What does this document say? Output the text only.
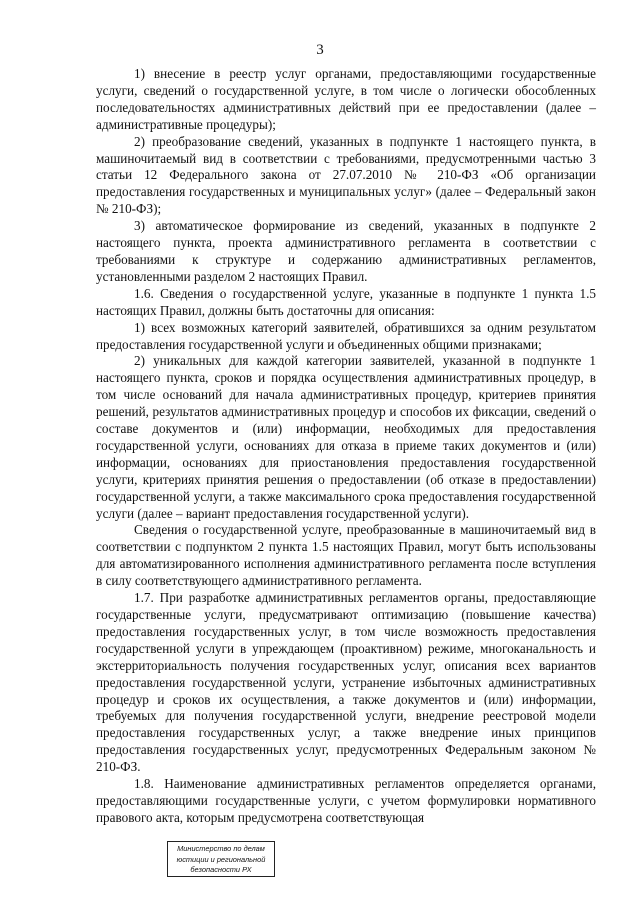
3

1) внесение в реестр услуг органами, предоставляющими государственные услуги, сведений о государственной услуге, в том числе о логически обособленных последовательностях административных действий при ее предоставлении (далее – административные процедуры);

2) преобразование сведений, указанных в подпункте 1 настоящего пункта, в машиночитаемый вид в соответствии с требованиями, предусмотренными частью 3 статьи 12 Федерального закона от 27.07.2010 № 210-ФЗ «Об организации предоставления государственных и муниципальных услуг» (далее – Федеральный закон № 210-ФЗ);

3) автоматическое формирование из сведений, указанных в подпункте 2 настоящего пункта, проекта административного регламента в соответствии с требованиями к структуре и содержанию административных регламентов, установленными разделом 2 настоящих Правил.

1.6. Сведения о государственной услуге, указанные в подпункте 1 пункта 1.5 настоящих Правил, должны быть достаточны для описания:

1) всех возможных категорий заявителей, обратившихся за одним результатом предоставления государственной услуги и объединенных общими признаками;

2) уникальных для каждой категории заявителей, указанной в подпункте 1 настоящего пункта, сроков и порядка осуществления административных процедур, в том числе оснований для начала административных процедур, критериев принятия решений, результатов административных процедур и способов их фиксации, сведений о составе документов и (или) информации, необходимых для предоставления государственной услуги, основаниях для отказа в приеме таких документов и (или) информации, основаниях для приостановления предоставления государственной услуги, критериях принятия решения о предоставлении (об отказе в предоставлении) государственной услуги, а также максимального срока предоставления государственной услуги (далее – вариант предоставления государственной услуги).

Сведения о государственной услуге, преобразованные в машиночитаемый вид в соответствии с подпунктом 2 пункта 1.5 настоящих Правил, могут быть использованы для автоматизированного исполнения административного регламента после вступления в силу соответствующего административного регламента.

1.7. При разработке административных регламентов органы, предоставляющие государственные услуги, предусматривают оптимизацию (повышение качества) предоставления государственных услуг, в том числе возможность предоставления государственной услуги в упреждающем (проактивном) режиме, многоканальность и экстерриториальность получения государственных услуг, описания всех вариантов предоставления государственной услуги, устранение избыточных административных процедур и сроков их осуществления, а также документов и (или) информации, требуемых для получения государственной услуги, внедрение реестровой модели предоставления государственных услуг, а также внедрение иных принципов предоставления государственных услуг, предусмотренных Федеральным законом № 210-ФЗ.

1.8. Наименование административных регламентов определяется органами, предоставляющими государственные услуги, с учетом формулировки нормативного правового акта, которым предусмотрена соответствующая

Министерство по делам
юстиции и региональной
безопасности РХ
